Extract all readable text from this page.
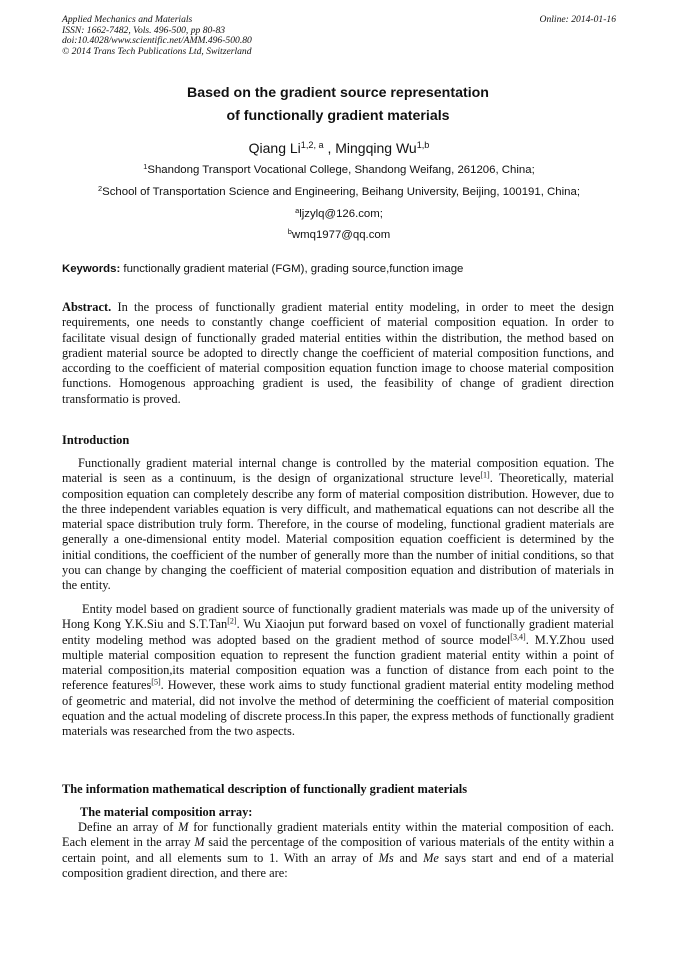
Applied Mechanics and Materials
ISSN: 1662-7482, Vols. 496-500, pp 80-83
doi:10.4028/www.scientific.net/AMM.496-500.80
© 2014 Trans Tech Publications Ltd, Switzerland
Online: 2014-01-16
Based on the gradient source representation
of functionally gradient materials
Qiang Li$^{1,2, a}$ , Mingqing Wu$^{1,b}$
$^1$Shandong Transport Vocational College, Shandong Weifang, 261206, China;
$^2$School of Transportation Science and Engineering, Beihang University, Beijing, 100191, China;
$^a$ljzylq@126.com;
$^b$wmq1977@qq.com
Keywords: functionally gradient material (FGM), grading source,function image
Abstract. In the process of functionally gradient material entity modeling, in order to meet the design requirements, one needs to constantly change coefficient of material composition equation. In order to facilitate visual design of functionally graded material entities within the distribution, the method based on gradient material source be adopted to directly change the coefficient of material composition functions, and according to the coefficient of material composition equation function image to choose material composition functions. Homogenous approaching gradient is used, the feasibility of change of gradient direction transformatio is proved.
Introduction
Functionally gradient material internal change is controlled by the material composition equation. The material is seen as a continuum, is the design of organizational structure leve[1]. Theoretically, material composition equation can completely describe any form of material composition distribution. However, due to the three independent variables equation is very difficult, and mathematical equations can not describe all the material space distribution truly form. Therefore, in the course of modeling, functional gradient materials are generally a one-dimensional entity model. Material composition equation coefficient is determined by the initial conditions, the coefficient of the number of generally more than the number of initial conditions, so that you can change by changing the coefficient of material composition equation and distribution of materials in the entity.
Entity model based on gradient source of functionally gradient materials was made up of the university of Hong Kong Y.K.Siu and S.T.Tan[2]. Wu Xiaojun put forward based on voxel of functionally gradient material entity modeling method was adopted based on the gradient method of source model[3,4]. M.Y.Zhou used multiple material composition equation to represent the function gradient material entity within a point of material composition,its material composition equation was a function of distance from each point to the reference features[5]. However, these work aims to study functional gradient material entity modeling method of geometric and material, did not involve the method of determining the coefficient of material composition equation and the actual modeling of discrete process.In this paper, the express methods of functionally gradient materials was researched from the two aspects.
The information mathematical description of functionally gradient materials
The material composition array:
Define an array of M for functionally gradient materials entity within the material composition of each. Each element in the array M said the percentage of the composition of various materials of the entity within a certain point, and all elements sum to 1. With an array of Ms and Me says start and end of a material composition gradient direction, and there are:
